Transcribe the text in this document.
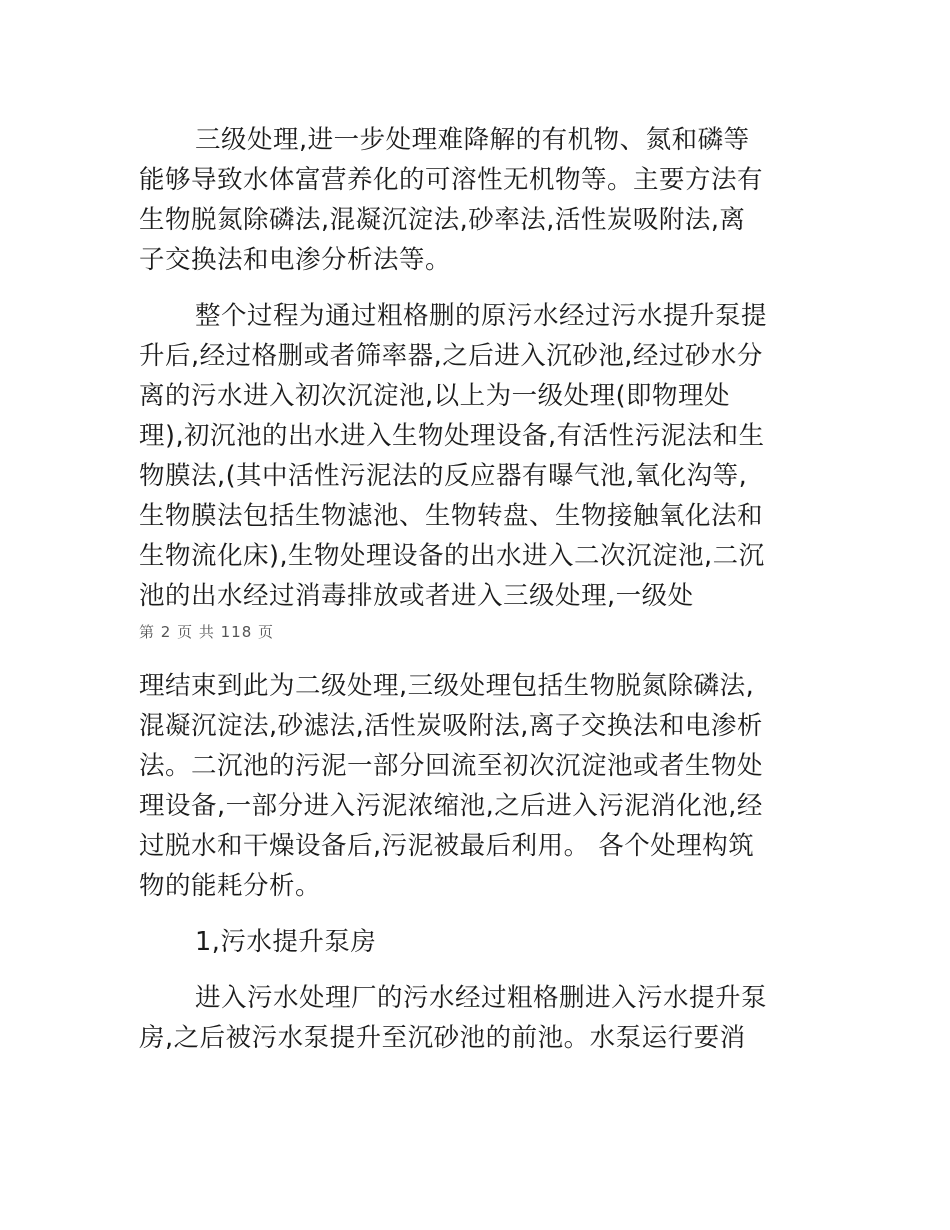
三级处理,进一步处理难降解的有机物、氮和磷等
能够导致水体富营养化的可溶性无机物等。主要方法有
生物脱氮除磷法,混凝沉淀法,砂率法,活性炭吸附法,离
子交换法和电渗分析法等。
整个过程为通过粗格删的原污水经过污水提升泵提
升后,经过格删或者筛率器,之后进入沉砂池,经过砂水分
离的污水进入初次沉淀池,以上为一级处理(即物理处
理),初沉池的出水进入生物处理设备,有活性污泥法和生
物膜法,(其中活性污泥法的反应器有曝气池,氧化沟等,
生物膜法包括生物滤池、生物转盘、生物接触氧化法和
生物流化床),生物处理设备的出水进入二次沉淀池,二沉
池的出水经过消毒排放或者进入三级处理,一级处
第 2 页 共 118 页
理结束到此为二级处理,三级处理包括生物脱氮除磷法,
混凝沉淀法,砂滤法,活性炭吸附法,离子交换法和电渗析
法。二沉池的污泥一部分回流至初次沉淀池或者生物处
理设备,一部分进入污泥浓缩池,之后进入污泥消化池,经
过脱水和干燥设备后,污泥被最后利用。 各个处理构筑
物的能耗分析。
1,污水提升泵房
进入污水处理厂的污水经过粗格删进入污水提升泵
房,之后被污水泵提升至沉砂池的前池。水泵运行要消
